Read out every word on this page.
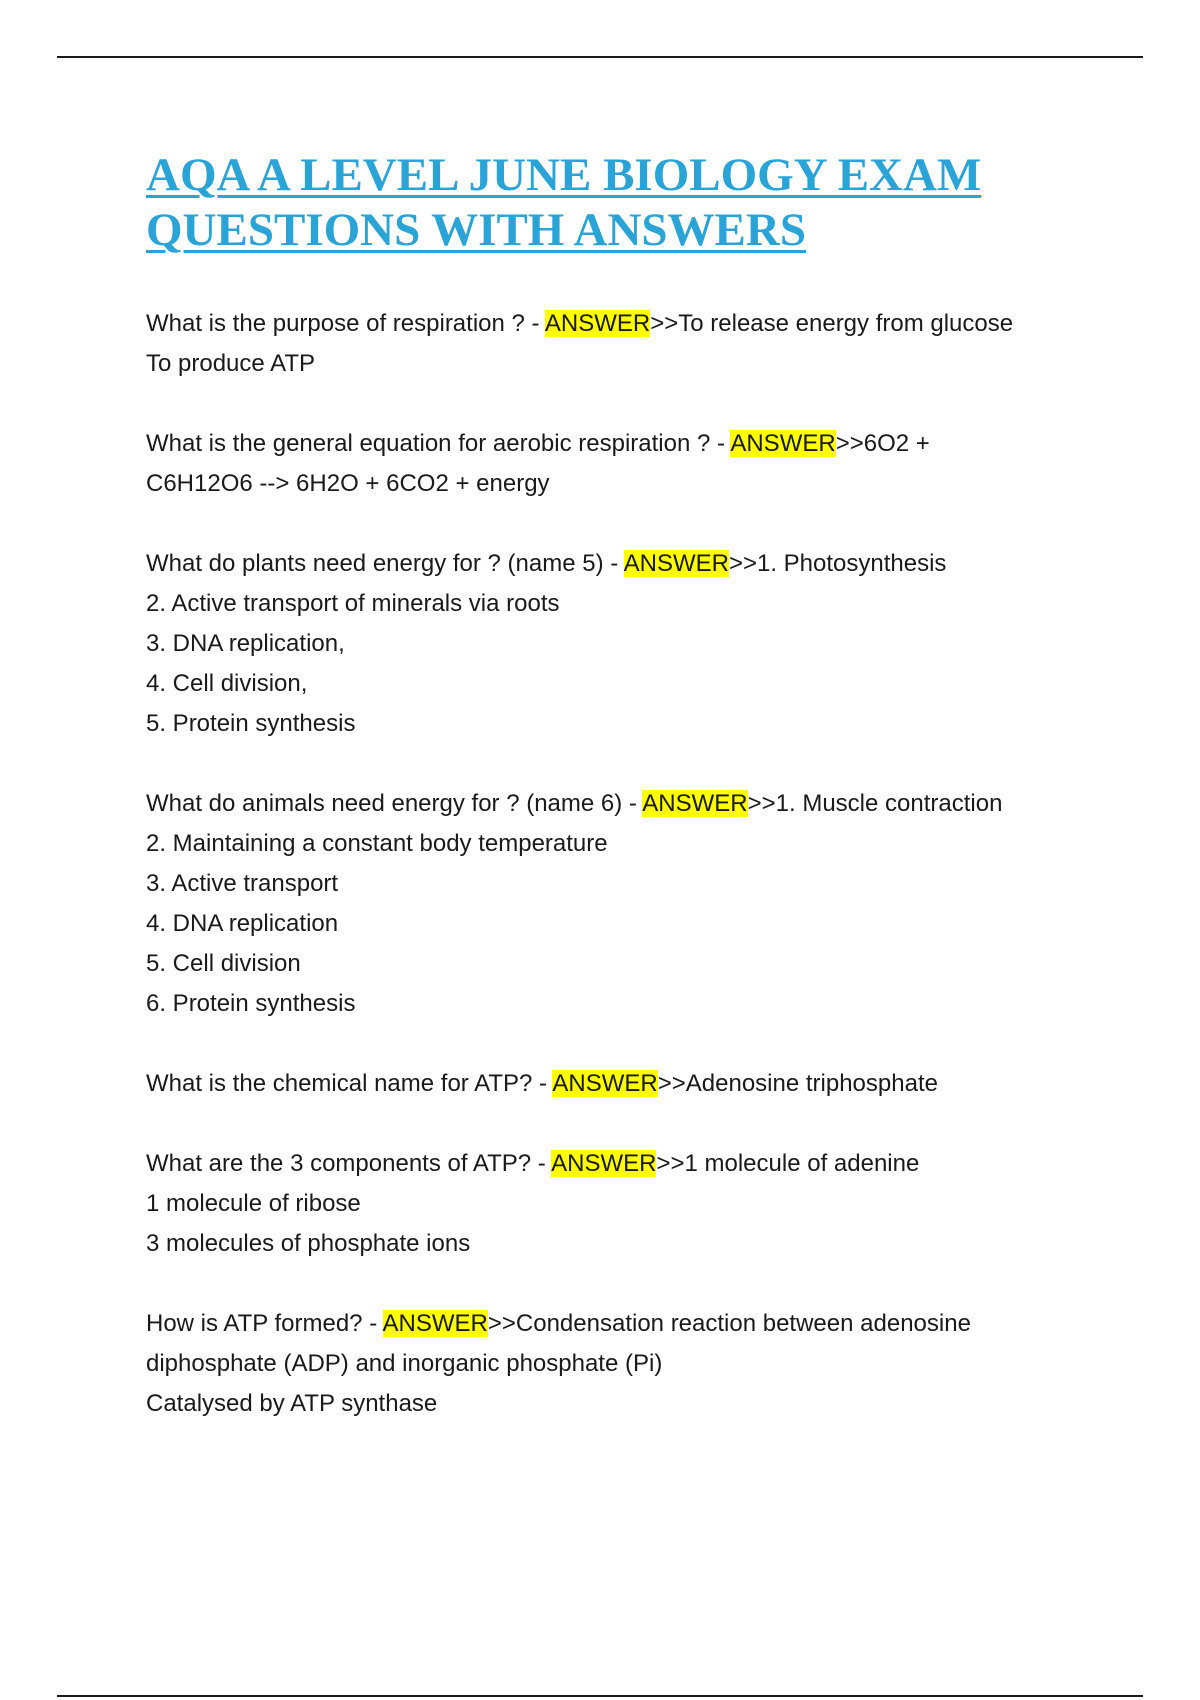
AQA A LEVEL JUNE BIOLOGY EXAM
QUESTIONS WITH ANSWERS
What is the purpose of respiration ? - ANSWER>>To release energy from glucose
To produce ATP
What is the general equation for aerobic respiration ? - ANSWER>>6O2 +
C6H12O6 --> 6H2O + 6CO2 + energy
What do plants need energy for ? (name 5) - ANSWER>>1. Photosynthesis
2. Active transport of minerals via roots
3. DNA replication,
4. Cell division,
5. Protein synthesis
What do animals need energy for ? (name 6) - ANSWER>>1. Muscle contraction
2. Maintaining a constant body temperature
3. Active transport
4. DNA replication
5. Cell division
6. Protein synthesis
What is the chemical name for ATP? - ANSWER>>Adenosine triphosphate
What are the 3 components of ATP? - ANSWER>>1 molecule of adenine
1 molecule of ribose
3 molecules of phosphate ions
How is ATP formed? - ANSWER>>Condensation reaction between adenosine
diphosphate (ADP) and inorganic phosphate (Pi)
Catalysed by ATP synthase
